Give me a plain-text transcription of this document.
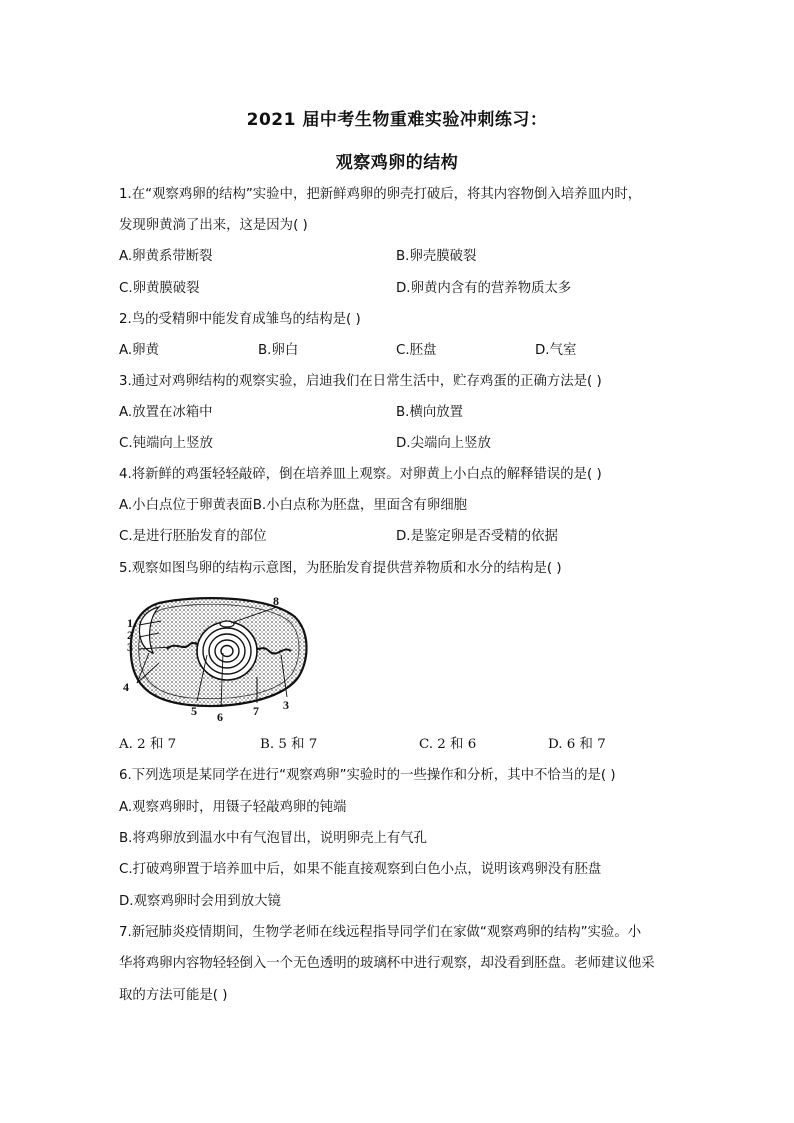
2021 届中考生物重难实验冲刺练习：
观察鸡卵的结构
1.在“观察鸡卵的结构”实验中，把新鲜鸡卵的卵壳打破后，将其内容物倒入培养皿内时，
发现卵黄淌了出来，这是因为( )
A.卵黄系带断裂	B.卵壳膜破裂
C.卵黄膜破裂	D.卵黄内含有的营养物质太多
2.鸟的受精卵中能发育成雏鸟的结构是( )
A.卵黄	B.卵白	C.胚盘	D.气室
3.通过对鸡卵结构的观察实验，启迪我们在日常生活中，贮存鸡蛋的正确方法是( )
A.放置在冰箱中	B.横向放置
C.钝端向上竖放	D.尖端向上竖放
4.将新鲜的鸡蛋轻轻敲碎，倒在培养皿上观察。对卵黄上小白点的解释错误的是( )
A.小白点位于卵黄表面B.小白点称为胚盘，里面含有卵细胞
C.是进行胚胎发育的部位	D.是鉴定卵是否受精的依据
5.观察如图鸟卵的结构示意图，为胚胎发育提供营养物质和水分的结构是( )
1
2
3
4
5 6	7 3
8
A. 2 和 7	B. 5 和 7	C. 2 和 6	D. 6 和 7
6.下列选项是某同学在进行“观察鸡卵”实验时的一些操作和分析，其中不恰当的是( )
A.观察鸡卵时，用镊子轻敲鸡卵的钝端
B.将鸡卵放到温水中有气泡冒出，说明卵壳上有气孔
C.打破鸡卵置于培养皿中后，如果不能直接观察到白色小点，说明该鸡卵没有胚盘
D.观察鸡卵时会用到放大镜
7.新冠肺炎疫情期间，生物学老师在线远程指导同学们在家做“观察鸡卵的结构”实验。小
华将鸡卵内容物轻轻倒入一个无色透明的玻璃杯中进行观察，却没看到胚盘。老师建议他采
取的方法可能是( )
